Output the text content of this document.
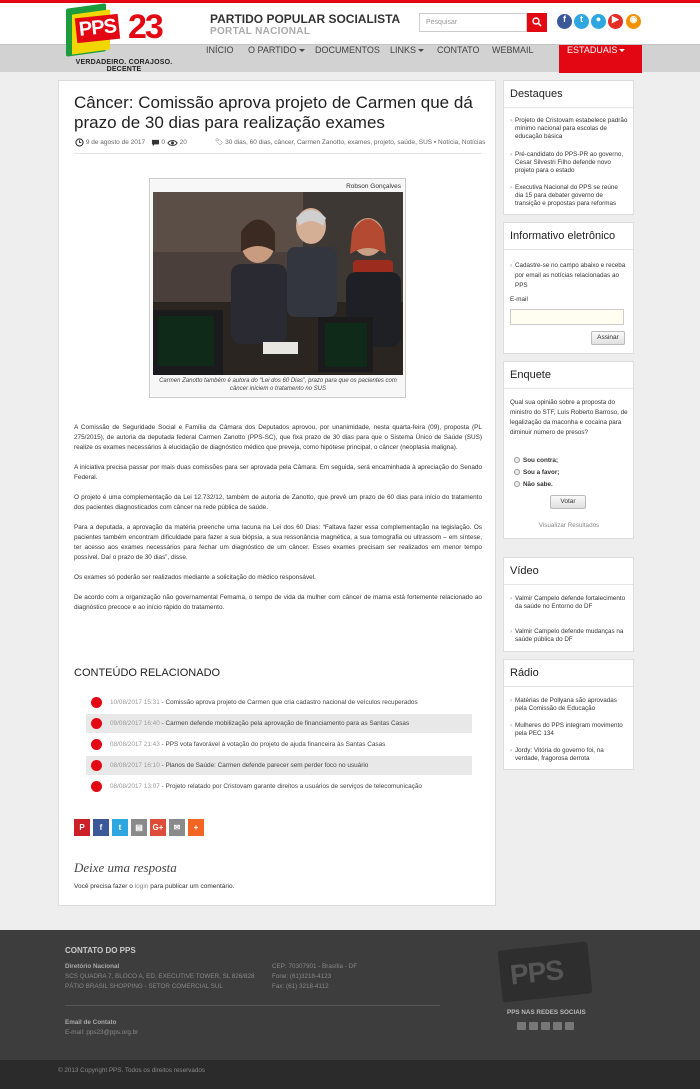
PARTIDO POPULAR SOCIALISTA
PORTAL NACIONAL
Pesquisar	f	t	●	▶	◉
PPS 23
VERDADEIRO. CORAJOSO. DECENTE
INÍCIO O PARTIDO	DOCUMENTOS LINKS	CONTATO WEBMAIL	ESTADUAIS
Câncer: Comissão aprova projeto de Carmen que dá prazo de 30 dias para realização exames
9 de agosto de 2017 0 20	🏷 30 dias, 60 dias, câncer, Carmen Zanotto, exames, projeto, saúde, SUS ▪ Notícia, Notícias
Robson Gonçalves
Carmen Zanotto também é autora do “Lei dos 60 Dias”, prazo para que os pacientes com câncer iniciem o tratamento no SUS

A Comissão de Seguridade Social e Família da Câmara dos Deputados aprovou, por unanimidade, nesta quarta-feira (09), proposta (PL 275/2015), de autoria da deputada federal Carmen Zanotto (PPS-SC), que fixa prazo de 30 dias para que o Sistema Único de Saúde (SUS) realize os exames necessários à elucidação de diagnóstico médico que preveja, como hipótese principal, o câncer (neoplasia maligna).

A iniciativa precisa passar por mais duas comissões para ser aprovada pela Câmara. Em seguida, será encaminhada à apreciação do Senado Federal.

O projeto é uma complementação da Lei 12.732/12, também de autoria de Zanotto, que prevê um prazo de 60 dias para início do tratamento dos pacientes diagnosticados com câncer na rede pública de saúde.

Para a deputada, a aprovação da matéria preenche uma lacuna na Lei dos 60 Dias: “Faltava fazer essa complementação na legislação. Os pacientes também encontram dificuldade para fazer a sua biópsia, a sua ressonância magnética, a sua tomografia ou ultrassom – em síntese, ter acesso aos exames necessários para fechar um diagnóstico de um câncer. Esses exames precisam ser realizados em menor tempo possível. Daí o prazo de 30 dias”, disse.

Os exames só poderão ser realizados mediante a solicitação do médico responsável.

De acordo com a organização não governamental Femama, o tempo de vida da mulher com câncer de mama está fortemente relacionado ao diagnóstico precoce e ao início rápido do tratamento.

CONTEÚDO RELACIONADO
10/08/2017 15:31 - Comissão aprova projeto de Carmen que cria cadastro nacional de veículos recuperados
09/08/2017 16:40 - Carmen defende mobilização pela aprovação de financiamento para as Santas Casas
08/08/2017 21:43 - PPS vota favorável à votação do projeto de ajuda financeira às Santas Casas
08/08/2017 16:10 - Planos de Saúde: Carmen defende parecer sem perder foco no usuário
08/08/2017 13:07 - Projeto relatado por Cristovam garante direitos a usuários de serviços de telecomunicação
P	f	t	▤	G+	✉	+
Deixe uma resposta
Você precisa fazer o login para publicar um comentário.
Destaques
› Projeto de Cristovam estabelece padrão mínimo nacional para escolas de educação básica
› Pré-candidato do PPS-PR ao governo, Cesar Silvestri Filho defende novo projeto para o estado
› Executiva Nacional do PPS se reúne dia 15 para debater governo de transição e propostas para reformas
Informativo eletrônico
› Cadastre-se no campo abaixo e receba por email as notícias relacionadas ao PPS
E-mail
Assinar
Enquete
Qual sua opinião sobre a proposta do ministro do STF, Luís Roberto Barroso, de legalização da maconha e cocaína para diminuir número de presos?
Sou contra;
Sou a favor;
Não sabe.
Votar
Visualizar Resultados
Vídeo
› Valmir Campelo defende fortalecimento da saúde no Entorno do DF
› Valmir Campelo defende mudanças na saúde pública do DF
Rádio
› Matérias de Pollyana são aprovadas pela Comissão de Educação
› Mulheres do PPS integram movimento pela PEC 134
› Jordy: Vitória do governo foi, na verdade, fragorosa derrota
CONTATO DO PPS
Diretório Nacional
SCS QUADRA 7, BLOCO A, ED. EXECUTIVE TOWER, SL 826/828
PÁTIO BRASIL SHOPPING - SETOR COMERCIAL SUL
CEP: 70307901 - Brasília - DF
Fone: (61)3218-4123
Fax: (61) 3218-4112
Email de Contato
E-mail: pps23@pps.org.br
PPS
PPS NAS REDES SOCIAIS
© 2013 Copyright PPS. Todos os direitos reservados
